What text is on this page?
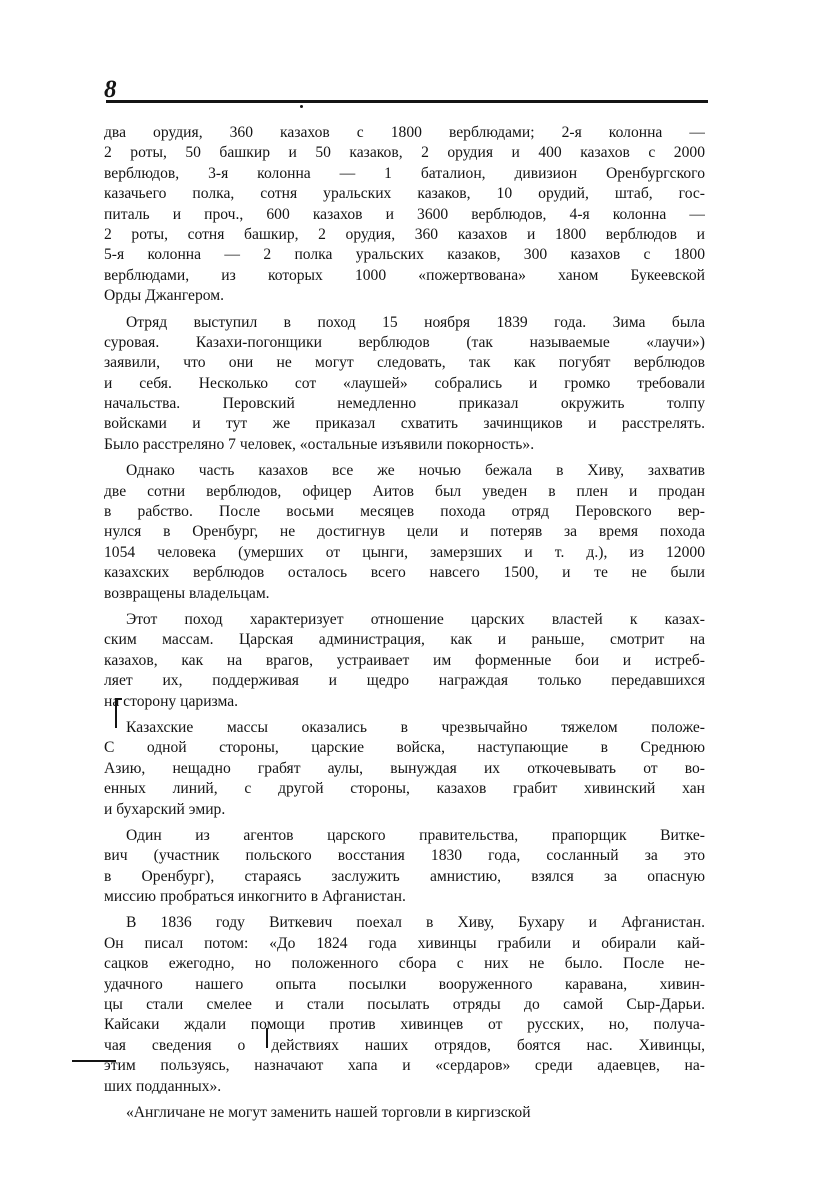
8
два орудия, 360 казахов с 1800 верблюдами; 2-я колонна —
2 роты, 50 башкир и 50 казаков, 2 орудия и 400 казахов с 2000
верблюдов, 3-я колонна — 1 баталион, дивизион Оренбургского
казачьего полка, сотня уральских казаков, 10 орудий, штаб, гос-
питаль и проч., 600 казахов и 3600 верблюдов, 4-я колонна —
2 роты, сотня башкир, 2 орудия, 360 казахов и 1800 верблюдов и
5-я колонна — 2 полка уральских казаков, 300 казахов с 1800
верблюдами, из которых 1000 «пожертвована» ханом Букеевской
Орды Джангером.
Отряд выступил в поход 15 ноября 1839 года. Зима была
суровая. Казахи-погонщики верблюдов (так называемые «лаучи»)
заявили, что они не могут следовать, так как погубят верблюдов
и себя. Несколько сот «лаушей» собрались и громко требовали
начальства. Перовский немедленно приказал окружить толпу
войсками и тут же приказал схватить зачинщиков и расстрелять.
Было расстреляно 7 человек, «остальные изъявили покорность».
Однако часть казахов все же ночью бежала в Хиву, захватив
две сотни верблюдов, офицер Аитов был уведен в плен и продан
в рабство. После восьми месяцев похода отряд Перовского вер-
нулся в Оренбург, не достигнув цели и потеряв за время похода
1054 человека (умерших от цынги, замерзших и т. д.), из 12000
казахских верблюдов осталось всего навсего 1500, и те не были
возвращены владельцам.
Этот поход характеризует отношение царских властей к казах-
ским массам. Царская администрация, как и раньше, смотрит на
казахов, как на врагов, устраивает им форменные бои и истреб-
ляет их, поддерживая и щедро награждая только передавшихся
на сторону царизма.
Казахские массы оказались в чрезвычайно тяжелом положе-
С одной стороны, царские войска, наступающие в Среднюю
Азию, нещадно грабят аулы, вынуждая их откочевывать от во-
енных линий, с другой стороны, казахов грабит хивинский хан
и бухарский эмир.
Один из агентов царского правительства, прапорщик Витке-
вич (участник польского восстания 1830 года, сосланный за это
в Оренбург), стараясь заслужить амнистию, взялся за опасную
миссию пробраться инкогнито в Афганистан.
В 1836 году Виткевич поехал в Хиву, Бухару и Афганистан.
Он писал потом: «До 1824 года хивинцы грабили и обирали кай-
сацков ежегодно, но положенного сбора с них не было. После не-
удачного нашего опыта посылки вооруженного каравана, хивин-
цы стали смелее и стали посылать отряды до самой Сыр-Дарьи.
Кайсаки ждали помощи против хивинцев от русских, но, получа-
чая сведения о действиях наших отрядов, боятся нас. Хивинцы,
этим пользуясь, назначают хапа и «сердаров» среди адаевцев, на-
ших подданных».
«Англичане не могут заменить нашей торговли в киргизской
